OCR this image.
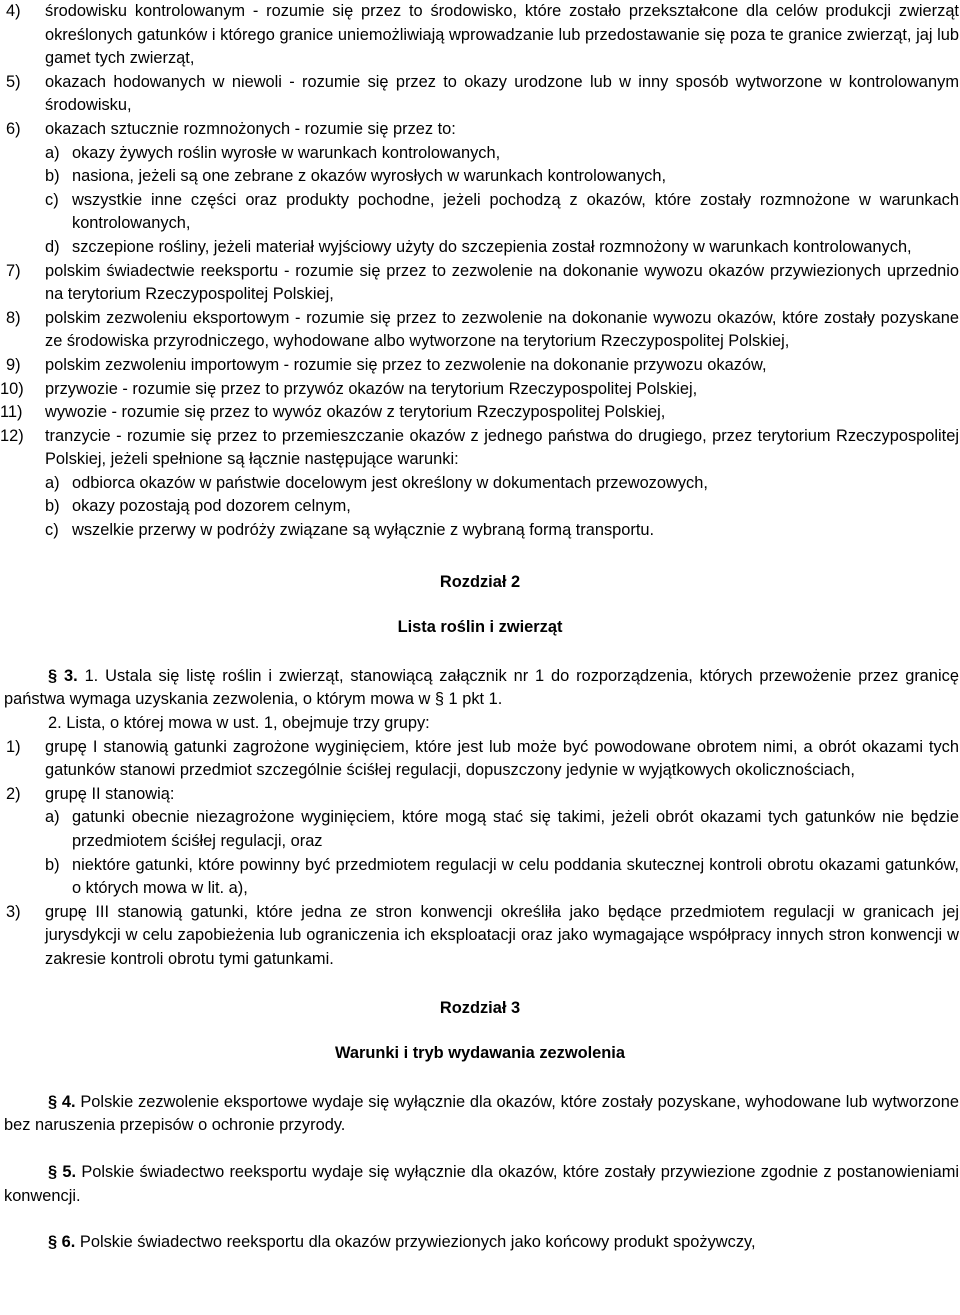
4) środowisku kontrolowanym - rozumie się przez to środowisko, które zostało przekształcone dla celów produkcji zwierząt określonych gatunków i którego granice uniemożliwiają wprowadzanie lub przedostawanie się poza te granice zwierząt, jaj lub gamet tych zwierząt,
5) okazach hodowanych w niewoli - rozumie się przez to okazy urodzone lub w inny sposób wytworzone w kontrolowanym środowisku,
6) okazach sztucznie rozmnożonych - rozumie się przez to:
a) okazy żywych roślin wyrosłe w warunkach kontrolowanych,
b) nasiona, jeżeli są one zebrane z okazów wyrosłych w warunkach kontrolowanych,
c) wszystkie inne części oraz produkty pochodne, jeżeli pochodzą z okazów, które zostały rozmnożone w warunkach kontrolowanych,
d) szczepione rośliny, jeżeli materiał wyjściowy użyty do szczepienia został rozmnożony w warunkach kontrolowanych,
7) polskim świadectwie reeksportu - rozumie się przez to zezwolenie na dokonanie wywozu okazów przywiezionych uprzednio na terytorium Rzeczypospolitej Polskiej,
8) polskim zezwoleniu eksportowym - rozumie się przez to zezwolenie na dokonanie wywozu okazów, które zostały pozyskane ze środowiska przyrodniczego, wyhodowane albo wytworzone na terytorium Rzeczypospolitej Polskiej,
9) polskim zezwoleniu importowym - rozumie się przez to zezwolenie na dokonanie przywozu okazów,
10) przywozie - rozumie się przez to przywóz okazów na terytorium Rzeczypospolitej Polskiej,
11) wywozie - rozumie się przez to wywóz okazów z terytorium Rzeczypospolitej Polskiej,
12) tranzycie - rozumie się przez to przemieszczanie okazów z jednego państwa do drugiego, przez terytorium Rzeczypospolitej Polskiej, jeżeli spełnione są łącznie następujące warunki:
a) odbiorca okazów w państwie docelowym jest określony w dokumentach przewozowych,
b) okazy pozostają pod dozorem celnym,
c) wszelkie przerwy w podróży związane są wyłącznie z wybraną formą transportu.
Rozdział 2
Lista roślin i zwierząt
§ 3. 1. Ustala się listę roślin i zwierząt, stanowiącą załącznik nr 1 do rozporządzenia, których przewożenie przez granicę państwa wymaga uzyskania zezwolenia, o którym mowa w § 1 pkt 1.
2. Lista, o której mowa w ust. 1, obejmuje trzy grupy:
1) grupę I stanowią gatunki zagrożone wyginięciem, które jest lub może być powodowane obrotem nimi, a obrót okazami tych gatunków stanowi przedmiot szczególnie ściśłej regulacji, dopuszczony jedynie w wyjątkowych okolicznościach,
2) grupę II stanowią:
a) gatunki obecnie niezagrożone wyginięciem, które mogą stać się takimi, jeżeli obrót okazami tych gatunków nie będzie przedmiotem ściśłej regulacji, oraz
b) niektóre gatunki, które powinny być przedmiotem regulacji w celu poddania skutecznej kontroli obrotu okazami gatunków, o których mowa w lit. a),
3) grupę III stanowią gatunki, które jedna ze stron konwencji określiła jako będące przedmiotem regulacji w granicach jej jurysdykcji w celu zapobieżenia lub ograniczenia ich eksploatacji oraz jako wymagające współpracy innych stron konwencji w zakresie kontroli obrotu tymi gatunkami.
Rozdział 3
Warunki i tryb wydawania zezwolenia
§ 4. Polskie zezwolenie eksportowe wydaje się wyłącznie dla okazów, które zostały pozyskane, wyhodowane lub wytworzone bez naruszenia przepisów o ochronie przyrody.
§ 5. Polskie świadectwo reeksportu wydaje się wyłącznie dla okazów, które zostały przywiezione zgodnie z postanowieniami konwencji.
§ 6. Polskie świadectwo reeksportu dla okazów przywiezionych jako końcowy produkt spożywczy,
